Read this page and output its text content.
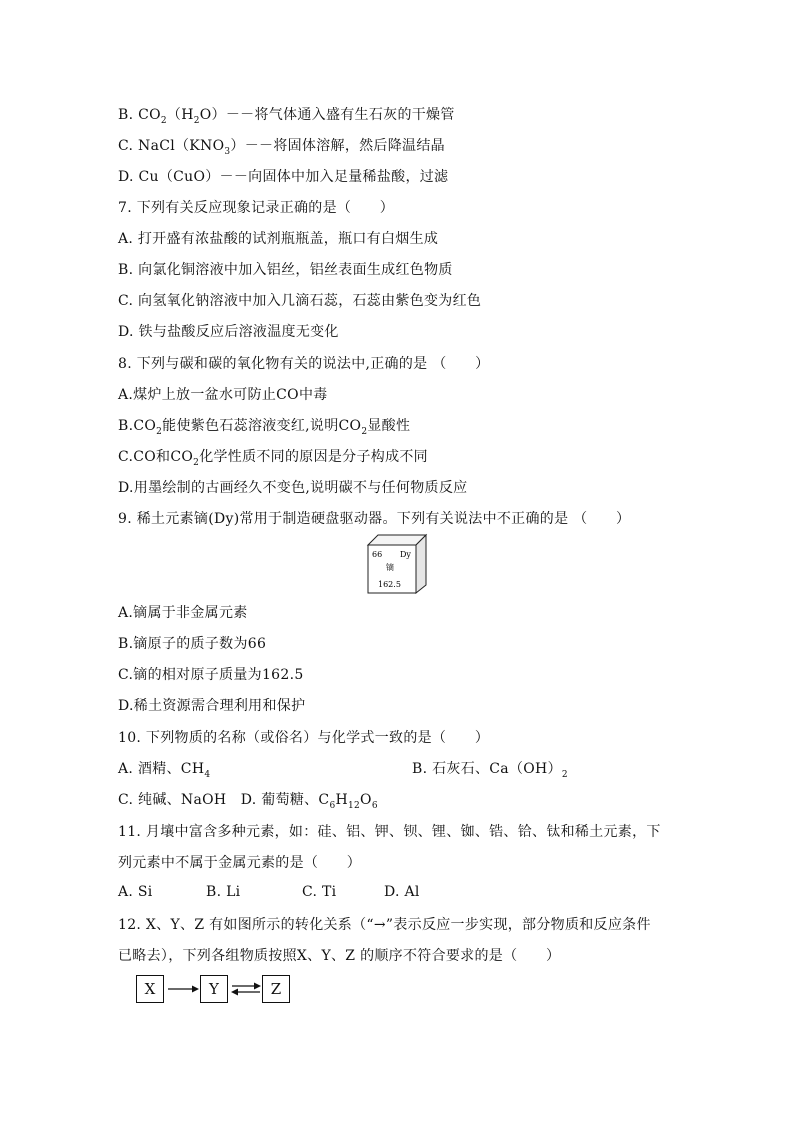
B. $CO_2(H_2O)--$将气体通入盛有生石灰的干燥管
C. $NaCl(KNO_3)--$将固体溶解，然后降温结晶
D. Cu（CuO）－－向固体中加入足量稀盐酸，过滤
7. 下列有关反应现象记录正确的是（　　）
A. 打开盛有浓盐酸的试剂瓶瓶盖，瓶口有白烟生成
B. 向氯化铜溶液中加入铝丝，铝丝表面生成红色物质
C. 向氢氧化钠溶液中加入几滴石蕊，石蕊由紫色变为红色
D. 铁与盐酸反应后溶液温度无变化
8. 下列与碳和碳的氧化物有关的说法中,正确的是 （　　）
A.煤炉上放一盆水可防止CO中毒
$B.CO_2$能使紫色石蕊溶液变红,说明$CO_2$显酸性
C.CO和$CO_2$化学性质不同的原因是分子构成不同
D.用墨绘制的古画经久不变色,说明碳不与任何物质反应
9. 稀土元素镝(Dy)常用于制造硬盘驱动器。下列有关说法中不正确的是 （　　）
66 Dy
镝
162.5
A.镝属于非金属元素
B.镝原子的质子数为66
C.镝的相对原子质量为162.5
D.稀土资源需合理利用和保护
10. 下列物质的名称（或俗名）与化学式一致的是（　　）
A. 酒精、$CH_4$	B. 石灰石、$Ca(OH)_2$
C. 纯碱、NaOH　D. 葡萄糖、$C_6H_{12}O_6$
11. 月壤中富含多种元素，如：硅、铝、钾、钡、锂、铷、锆、铪、钛和稀土元素，下
列元素中不属于金属元素的是（　　）
A. Si	B. Li	C. Ti	D. Al
12. X、Y、Z 有如图所示的转化关系（“→”表示反应一步实现，部分物质和反应条件
已略去），下列各组物质按照X、Y、Z 的顺序不符合要求的是（　　）
X	Y	Z
